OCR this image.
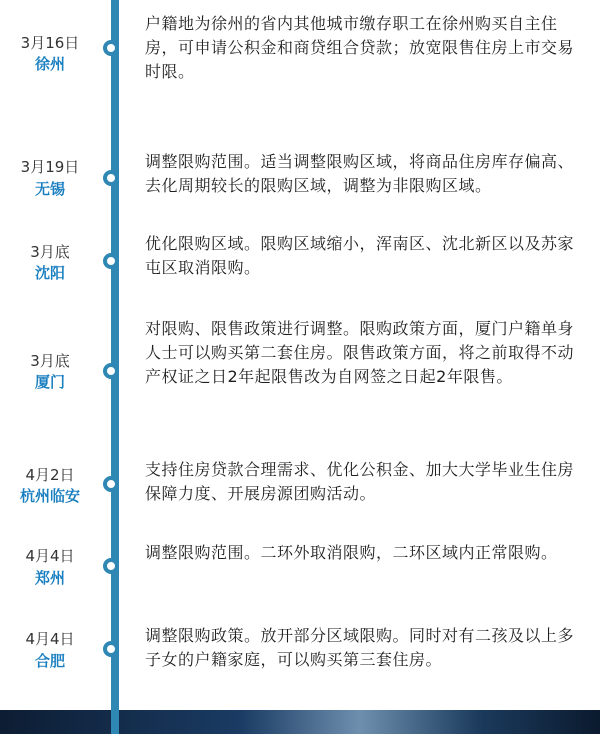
3月16日
徐州
户籍地为徐州的省内其他城市缴存职工在徐州购买自主住房，可申请公积金和商贷组合贷款；放宽限售住房上市交易时限。
3月19日
无锡
调整限购范围。适当调整限购区域，将商品住房库存偏高、去化周期较长的限购区域，调整为非限购区域。
3月底
沈阳
优化限购区域。限购区域缩小，浑南区、沈北新区以及苏家屯区取消限购。
3月底
厦门
对限购、限售政策进行调整。限购政策方面，厦门户籍单身人士可以购买第二套住房。限售政策方面，将之前取得不动产权证之日2年起限售改为自网签之日起2年限售。
4月2日
杭州临安
支持住房贷款合理需求、优化公积金、加大大学毕业生住房保障力度、开展房源团购活动。
4月4日
郑州
调整限购范围。二环外取消限购，二环区域内正常限购。
4月4日
合肥
调整限购政策。放开部分区域限购。同时对有二孩及以上多子女的户籍家庭，可以购买第三套住房。
